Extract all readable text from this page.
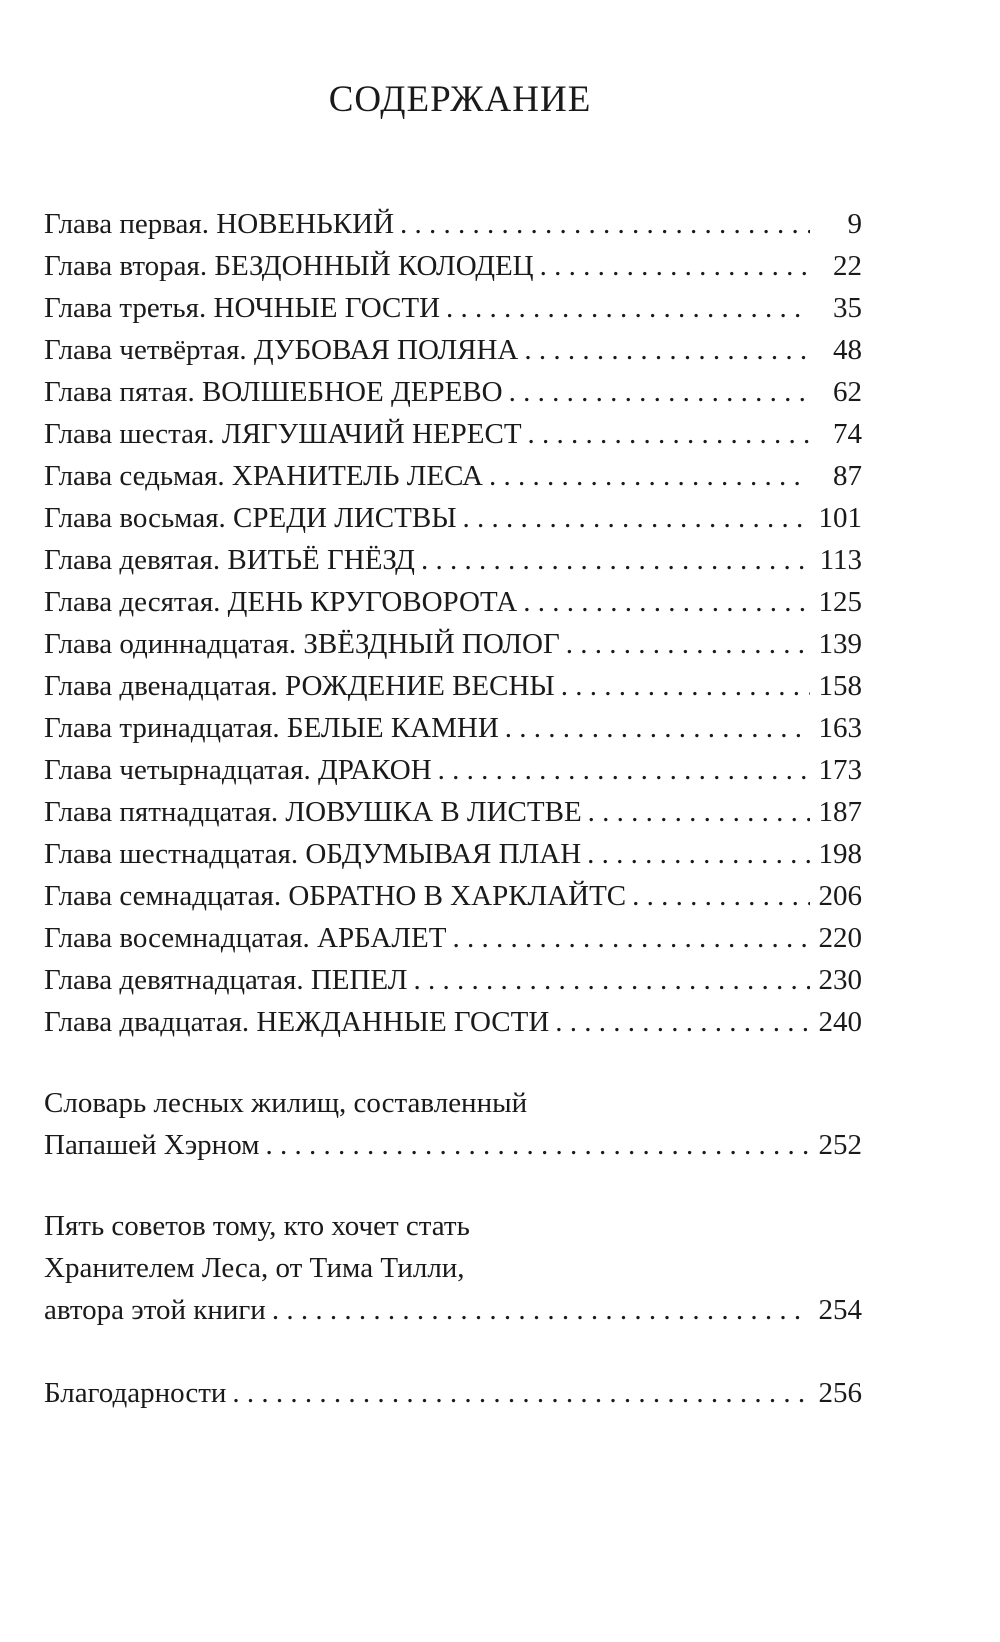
СОДЕРЖАНИЕ
Глава первая. НОВЕНЬКИЙ . . .	9
Глава вторая. БЕЗДОННЫЙ КОЛОДЕЦ . . .	22
Глава третья. НОЧНЫЕ ГОСТИ . . .	35
Глава четвёртая. ДУБОВАЯ ПОЛЯНА . . .	48
Глава пятая. ВОЛШЕБНОЕ ДЕРЕВО . . .	62
Глава шестая. ЛЯГУШАЧИЙ НЕРЕСТ . . .	74
Глава седьмая. ХРАНИТЕЛЬ ЛЕСА . . .	87
Глава восьмая. СРЕДИ ЛИСТВЫ . . .	101
Глава девятая. ВИТЬЁ ГНЁЗД . . .	113
Глава десятая. ДЕНЬ КРУГОВОРОТА . . .	125
Глава одиннадцатая. ЗВЁЗДНЫЙ ПОЛОГ . . .	139
Глава двенадцатая. РОЖДЕНИЕ ВЕСНЫ . . .	158
Глава тринадцатая. БЕЛЫЕ КАМНИ . . .	163
Глава четырнадцатая. ДРАКОН . . .	173
Глава пятнадцатая. ЛОВУШКА В ЛИСТВЕ . . .	187
Глава шестнадцатая. ОБДУМЫВАЯ ПЛАН . . .	198
Глава семнадцатая. ОБРАТНО В ХАРКЛАЙТС . . .	206
Глава восемнадцатая. АРБАЛЕТ . . .	220
Глава девятнадцатая. ПЕПЕЛ . . .	230
Глава двадцатая. НЕЖДАННЫЕ ГОСТИ . . .	240
Словарь лесных жилищ, составленный
Папашей Хэрном . . .	252
Пять советов тому, кто хочет стать
Хранителем Леса, от Тима Тилли,
автора этой книги . . .	254
Благодарности . . .	256
